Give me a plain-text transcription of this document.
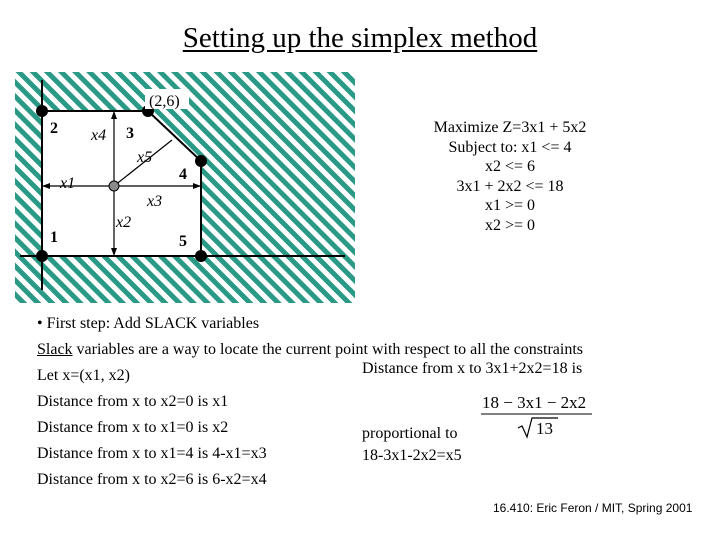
Setting up the simplex method
(2,6)
2
1
x4 3
x5
4
x1
x3
x2
5
Maximize Z=3x1 + 5x2
Subject to: x1 <= 4
x2 <= 6
3x1 + 2x2 <= 18
x1 >= 0
x2 >= 0
• First step: Add SLACK variables
Slack variables are a way to locate the current point with respect to all the constraints
Let x=(x1, x2)
Distance from x to x2=0 is x1
Distance from x to x1=0 is x2
Distance from x to x1=4 is 4-x1=x3
Distance from x to x2=6 is 6-x2=x4
Distance from x to 3x1+2x2=18 is
18 − 3x1 − 2x2
13
proportional to
18-3x1-2x2=x5
16.410: Eric Feron / MIT, Spring 2001
